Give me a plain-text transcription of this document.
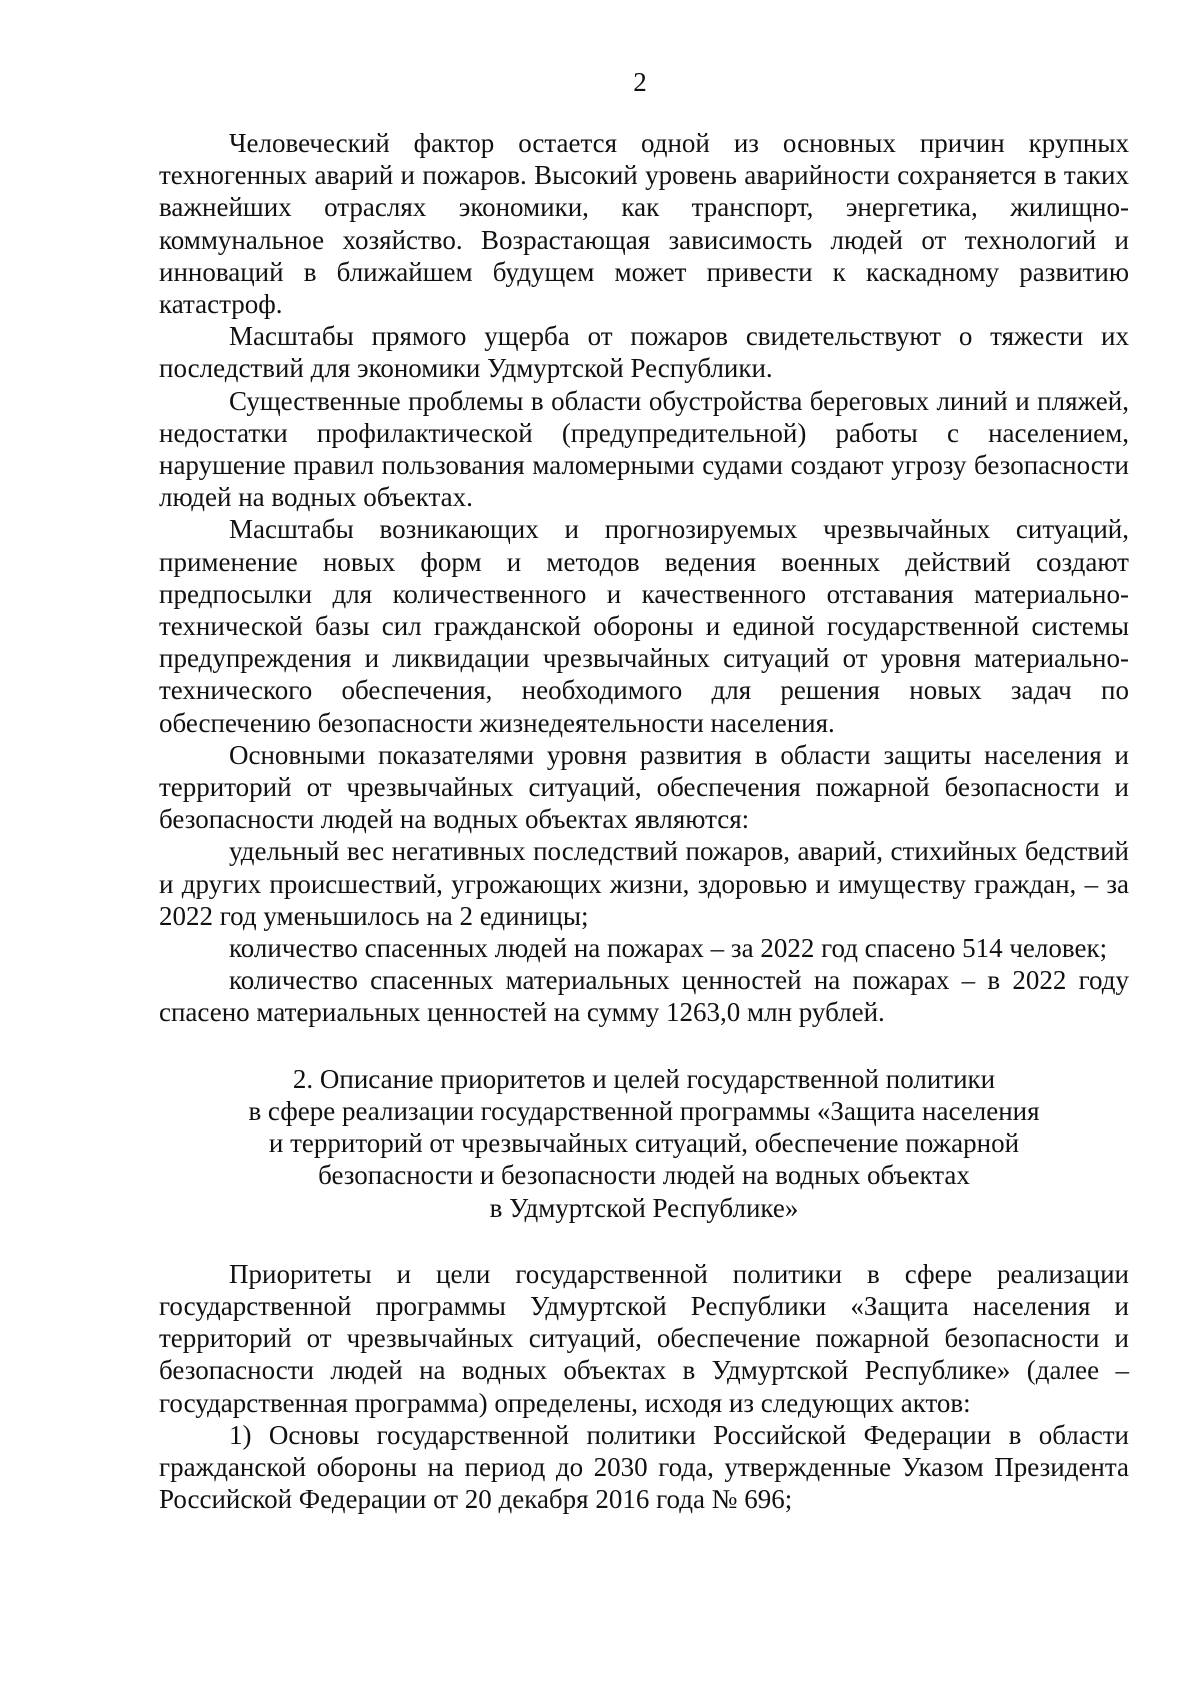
2

Человеческий фактор остается одной из основных причин крупных техногенных аварий и пожаров. Высокий уровень аварийности сохраняется в таких важнейших отраслях экономики, как транспорт, энергетика, жилищно-коммунальное хозяйство. Возрастающая зависимость людей от технологий и инноваций в ближайшем будущем может привести к каскадному развитию катастроф.

Масштабы прямого ущерба от пожаров свидетельствуют о тяжести их последствий для экономики Удмуртской Республики.

Существенные проблемы в области обустройства береговых линий и пляжей, недостатки профилактической (предупредительной) работы с населением, нарушение правил пользования маломерными судами создают угрозу безопасности людей на водных объектах.

Масштабы возникающих и прогнозируемых чрезвычайных ситуаций, применение новых форм и методов ведения военных действий создают предпосылки для количественного и качественного отставания материально-технической базы сил гражданской обороны и единой государственной системы предупреждения и ликвидации чрезвычайных ситуаций от уровня материально-технического обеспечения, необходимого для решения новых задач по обеспечению безопасности жизнедеятельности населения.

Основными показателями уровня развития в области защиты населения и территорий от чрезвычайных ситуаций, обеспечения пожарной безопасности и безопасности людей на водных объектах являются:

удельный вес негативных последствий пожаров, аварий, стихийных бедствий и других происшествий, угрожающих жизни, здоровью и имуществу граждан, – за 2022 год уменьшилось на 2 единицы;

количество спасенных людей на пожарах – за 2022 год спасено 514 человек;

количество спасенных материальных ценностей на пожарах – в 2022 году спасено материальных ценностей на сумму 1263,0 млн рублей.

2. Описание приоритетов и целей государственной политики
в сфере реализации государственной программы «Защита населения
и территорий от чрезвычайных ситуаций, обеспечение пожарной
безопасности и безопасности людей на водных объектах
в Удмуртской Республике»

Приоритеты и цели государственной политики в сфере реализации государственной программы Удмуртской Республики «Защита населения и территорий от чрезвычайных ситуаций, обеспечение пожарной безопасности и безопасности людей на водных объектах в Удмуртской Республике» (далее – государственная программа) определены, исходя из следующих актов:

1) Основы государственной политики Российской Федерации в области гражданской обороны на период до 2030 года, утвержденные Указом Президента Российской Федерации от 20 декабря 2016 года № 696;
